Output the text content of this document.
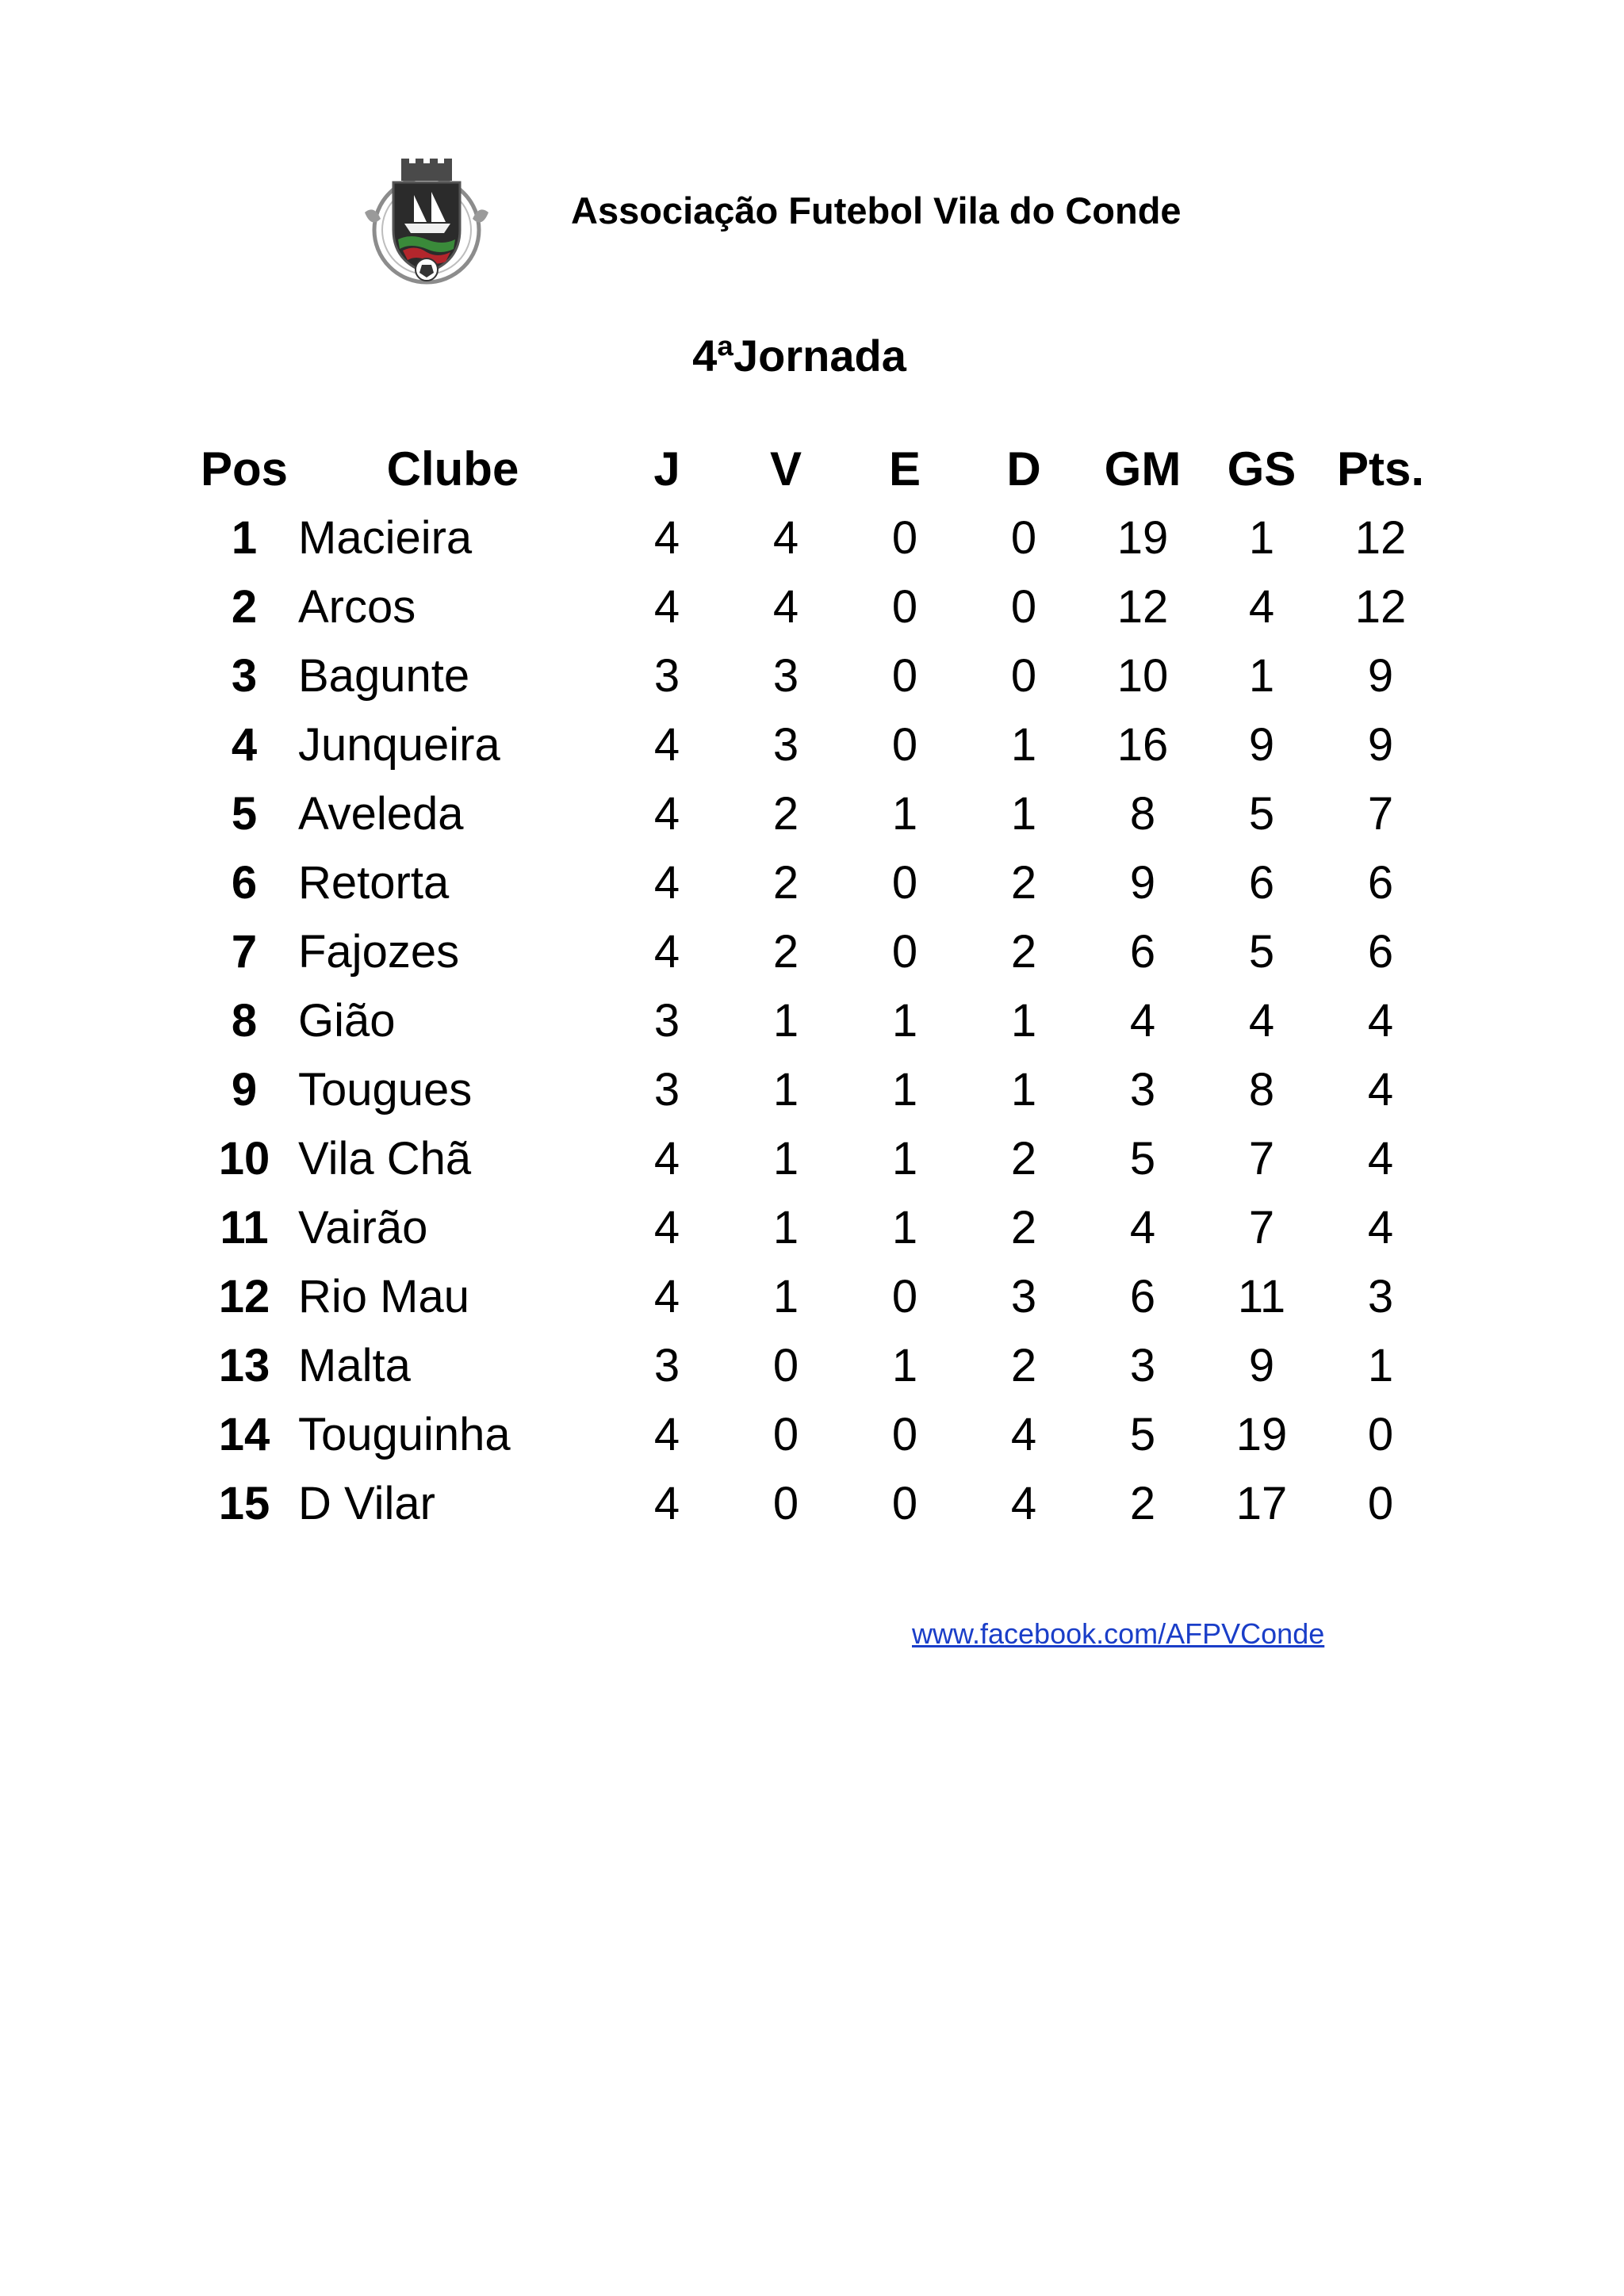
Associação Futebol Vila do Conde
4ªJornada
Pos	Clube	J	V	E	D	GM	GS	Pts.
1	Macieira	4	4	0	0	19	1	12
2	Arcos	4	4	0	0	12	4	12
3	Bagunte	3	3	0	0	10	1	9
4	Junqueira	4	3	0	1	16	9	9
5	Aveleda	4	2	1	1	8	5	7
6	Retorta	4	2	0	2	9	6	6
7	Fajozes	4	2	0	2	6	5	6
8	Gião	3	1	1	1	4	4	4
9	Tougues	3	1	1	1	3	8	4
10	Vila Chã	4	1	1	2	5	7	4
11	Vairão	4	1	1	2	4	7	4
12	Rio Mau	4	1	0	3	6	11	3
13	Malta	3	0	1	2	3	9	1
14	Touguinha	4	0	0	4	5	19	0
15	D Vilar	4	0	0	4	2	17	0
www.facebook.com/AFPVConde
